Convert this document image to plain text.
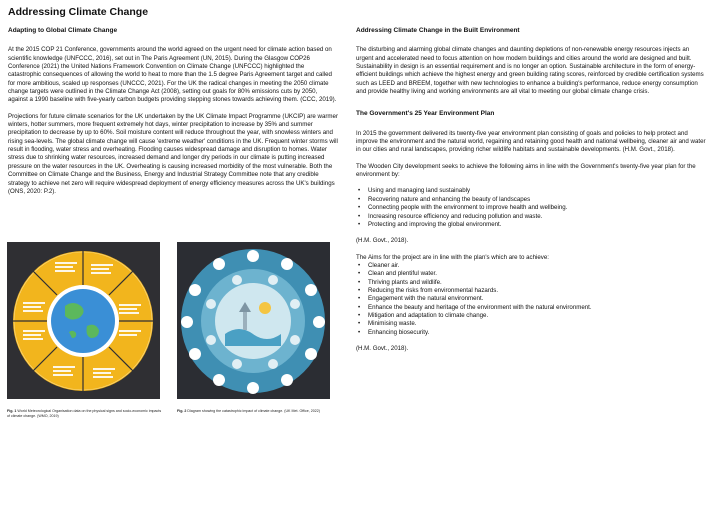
Addressing Climate Change
Adapting to Global Climate Change

At the 2015 COP 21 Conference, governments around the world agreed on the urgent need for climate action based on scientific knowledge (UNFCCC, 2016), set out in The Paris Agreement (UN, 2015). During the Glasgow COP26 Conference (2021) the United Nations Framework Convention on Climate Change (UNFCCC) highlighted the catastrophic consequences of allowing the world to heat to more than the 1.5 degree Paris Agreement target and called for more ambitious, scaled up responses (UNCCC, 2021). For the UK the radical changes in meeting the 2050 climate change targets were outlined in the Climate Change Act (2008), setting out goals for 80% emissions cuts by 2050, against a 1990 baseline with five-yearly carbon budgets providing stepping stones towards achieving them. (CCC, 2019).

Projections for future climate scenarios for the UK undertaken by the UK Climate Impact Programme (UKCIP) are warmer winters, hotter summers, more frequent extremely hot days, winter precipitation to increase by 35% and summer precipitation to decrease by up to 60%. Soil moisture content will reduce throughout the year, with snowless winters and rising sea-levels. The global climate change will cause 'extreme weather' conditions in the UK. Frequent winter storms will result in flooding, water stress and overheating. Flooding causes widespread damage and disruption to homes. Water stress due to shrinking water resources, increased demand and longer dry periods in our climate is putting increased pressure on the water resources in the UK. Overheating is causing increased morbidity of the most vulnerable. Both the Committee on Climate Change and the Business, Energy and Industrial Strategy Committee note that any credible strategy to achieve net zero will require widespread deployment of energy efficiency measures across the UK's buildings (ONS, 2020: P.2).

Addressing Climate Change in the Built Environment

The disturbing and alarming global climate changes and daunting depletions of non-renewable energy resources injects an urgent and accelerated need to focus attention on how modern buildings and cities around the world are designed and built. Sustainability in design is an essential requirement and is no longer an option. Sustainable architecture in the form of energy-efficient buildings which achieve the highest energy and green building rating scores, reinforced by credible certification systems such as LEED and BREEM, together with new technologies to enhance a building's performance, reduce energy consumption and provide healthy living and working environments are all vital to meeting our global climate change crisis.

The Government's 25 Year Environment Plan

In 2015 the government delivered its twenty-five year environment plan consisting of goals and policies to help protect and improve the environment and the natural world, regaining and retaining good health and national wellbeing, cleaner air and water in our cities and rural landscapes, providing richer wildlife habitats and sustainable developments. (H.M. Govt., 2018).

The Wooden City development seeks to achieve the following aims in line with the Government's twenty-five year plan for the environment by:

• Using and managing land sustainably
• Recovering nature and enhancing the beauty of landscapes
• Connecting people with the environment to improve health and wellbeing.
• Increasing resource efficiency and reducing pollution and waste.
• Protecting and improving the global environment.

(H.M. Govt., 2018).

The Aims for the project are in line with the plan's which are to achieve:

• Cleaner air.
• Clean and plentiful water.
• Thriving plants and wildlife.
• Reducing the risks from environmental hazards.
• Engagement with the natural environment.
• Enhance the beauty and heritage of the environment with the natural environment.
• Mitigation and adaptation to climate change.
• Minimising waste.
• Enhancing biosecurity.

(H.M. Govt., 2018).

Fig. 1 World Meteorological Organisation data on the physical signs and socio-economic impacts of climate change. (WMO, 2019)
Fig. 2 Diagram showing the catastrophic impact of climate change. (UK Met. Office, 2022)
